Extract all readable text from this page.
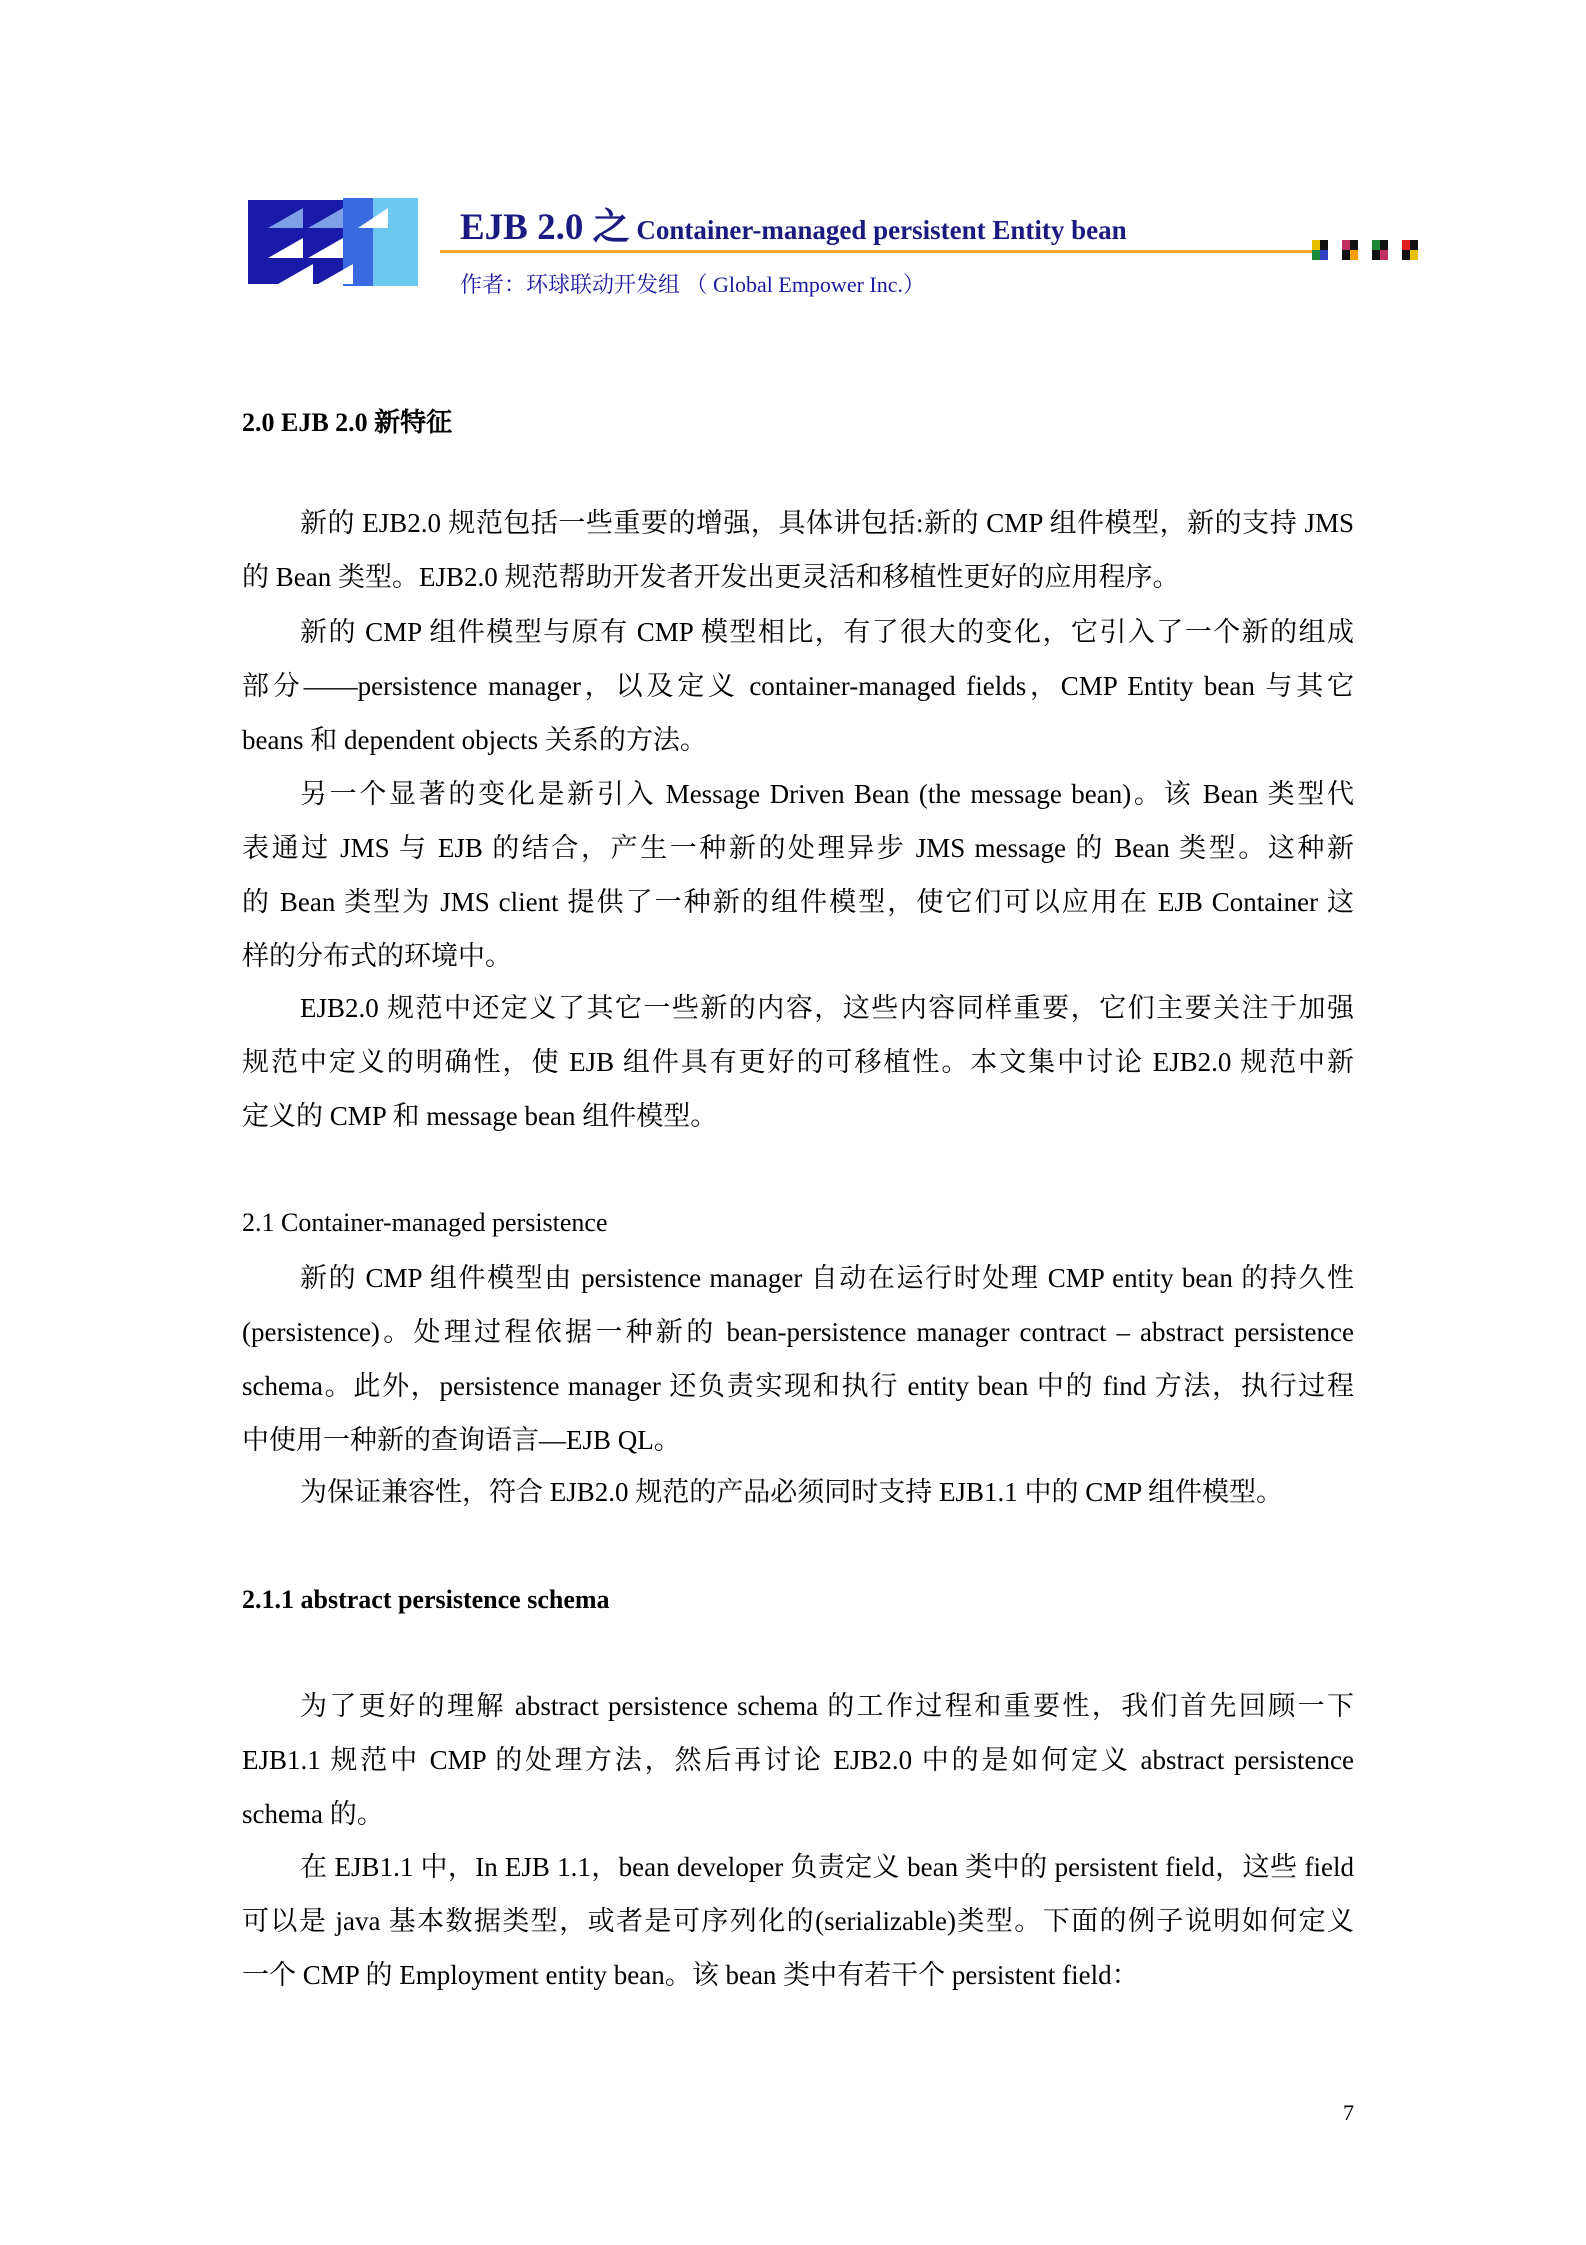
EJB 2.0 之 Container-managed persistent Entity bean
作者：环球联动开发组 （ Global Empower Inc.）
2.0 EJB 2.0 新特征
新的 EJB2.0 规范包括一些重要的增强，具体讲包括:新的 CMP 组件模型，新的支持 JMS
的 Bean 类型。EJB2.0 规范帮助开发者开发出更灵活和移植性更好的应用程序。
新的 CMP 组件模型与原有 CMP 模型相比，有了很大的变化，它引入了一个新的组成
部分——persistence manager，以及定义 container-managed fields，CMP Entity bean 与其它
beans 和 dependent objects 关系的方法。
另一个显著的变化是新引入 Message Driven Bean (the message bean)。该 Bean 类型代
表通过 JMS 与 EJB 的结合，产生一种新的处理异步 JMS message 的 Bean 类型。这种新
的 Bean 类型为 JMS client 提供了一种新的组件模型，使它们可以应用在 EJB Container 这
样的分布式的环境中。
EJB2.0 规范中还定义了其它一些新的内容，这些内容同样重要，它们主要关注于加强
规范中定义的明确性，使 EJB 组件具有更好的可移植性。本文集中讨论 EJB2.0 规范中新
定义的 CMP 和 message bean 组件模型。
2.1 Container-managed persistence
新的 CMP 组件模型由 persistence manager 自动在运行时处理 CMP entity bean 的持久性
(persistence)。处理过程依据一种新的 bean-persistence manager contract – abstract persistence
schema。此外，persistence manager 还负责实现和执行 entity bean 中的 find 方法，执行过程
中使用一种新的查询语言—EJB QL。
为保证兼容性，符合 EJB2.0 规范的产品必须同时支持 EJB1.1 中的 CMP 组件模型。
2.1.1 abstract persistence schema
为了更好的理解 abstract persistence schema 的工作过程和重要性，我们首先回顾一下
EJB1.1 规范中 CMP 的处理方法，然后再讨论 EJB2.0 中的是如何定义 abstract persistence
schema 的。
在 EJB1.1 中，In EJB 1.1，bean developer 负责定义 bean 类中的 persistent field，这些 field
可以是 java 基本数据类型，或者是可序列化的(serializable)类型。下面的例子说明如何定义
一个 CMP 的 Employment entity bean。该 bean 类中有若干个 persistent field：
7
